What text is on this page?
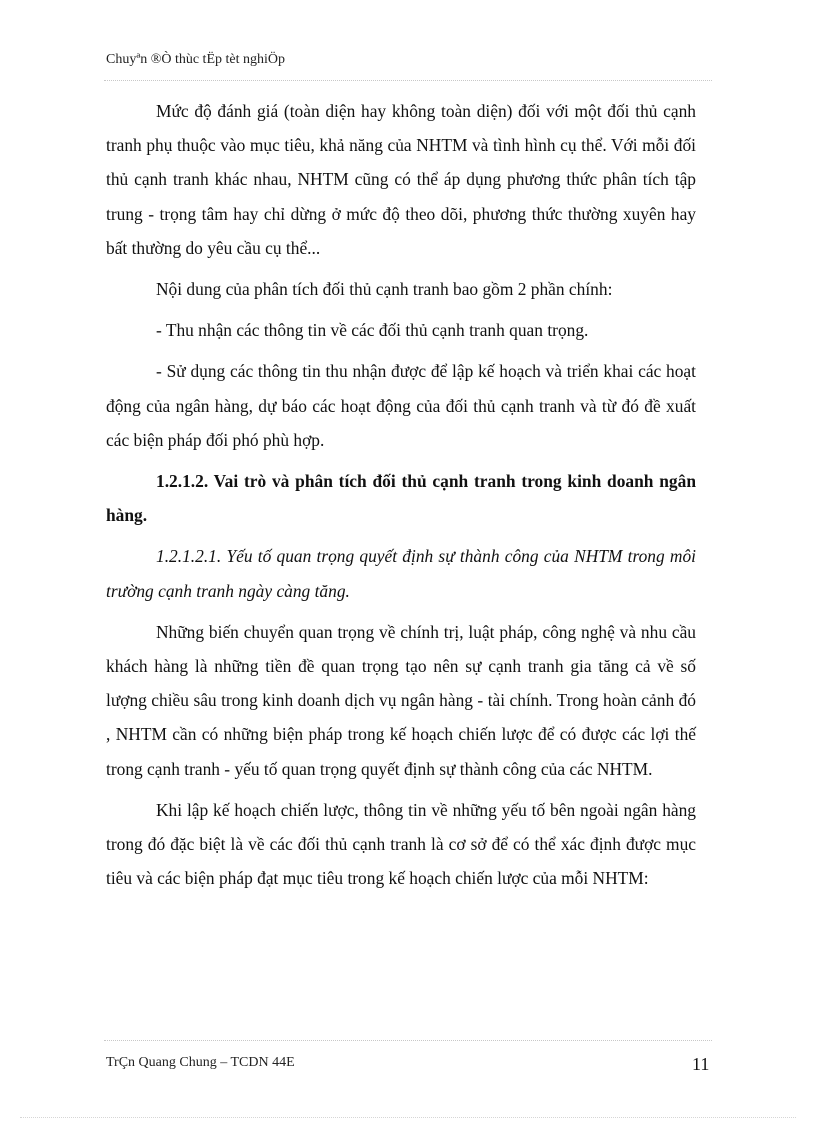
Chuyªn ®Ò thùc tËp tèt nghiÖp

Mức độ đánh giá (toàn diện hay không toàn diện) đối với một đối thủ cạnh tranh phụ thuộc vào mục tiêu, khả năng của NHTM và tình hình cụ thể. Với mỗi đối thủ cạnh tranh khác nhau, NHTM cũng có thể áp dụng phương thức phân tích tập trung - trọng tâm hay chỉ dừng ở mức độ theo dõi, phương thức thường xuyên hay bất thường do yêu cầu cụ thể...

Nội dung của phân tích đối thủ cạnh tranh bao gồm 2 phần chính:

- Thu nhận các thông tin về các đối thủ cạnh tranh quan trọng.

- Sử dụng các thông tin thu nhận được để lập kế hoạch và triển khai các hoạt động của ngân hàng, dự báo các hoạt động của đối thủ cạnh tranh và từ đó đề xuất các biện pháp đối phó phù hợp.

1.2.1.2. Vai trò và phân tích đối thủ cạnh tranh trong kinh doanh ngân hàng.

1.2.1.2.1. Yếu tố quan trọng quyết định sự thành công của NHTM trong môi trường cạnh tranh ngày càng tăng.

Những biến chuyển quan trọng về chính trị, luật pháp, công nghệ và nhu cầu khách hàng là những tiền đề quan trọng tạo nên sự cạnh tranh gia tăng cả về số lượng chiều sâu trong kinh doanh dịch vụ ngân hàng - tài chính. Trong hoàn cảnh đó , NHTM cần có những biện pháp trong kế hoạch chiến lược để có được các lợi thế trong cạnh tranh - yếu tố quan trọng quyết định sự thành công của các NHTM.

Khi lập kế hoạch chiến lược, thông tin về những yếu tố bên ngoài ngân hàng trong đó đặc biệt là về các đối thủ cạnh tranh là cơ sở để có thể xác định được mục tiêu và các biện pháp đạt mục tiêu trong kế hoạch chiến lược của mỗi NHTM:

TrÇn Quang Chung – TCDN 44E	11
